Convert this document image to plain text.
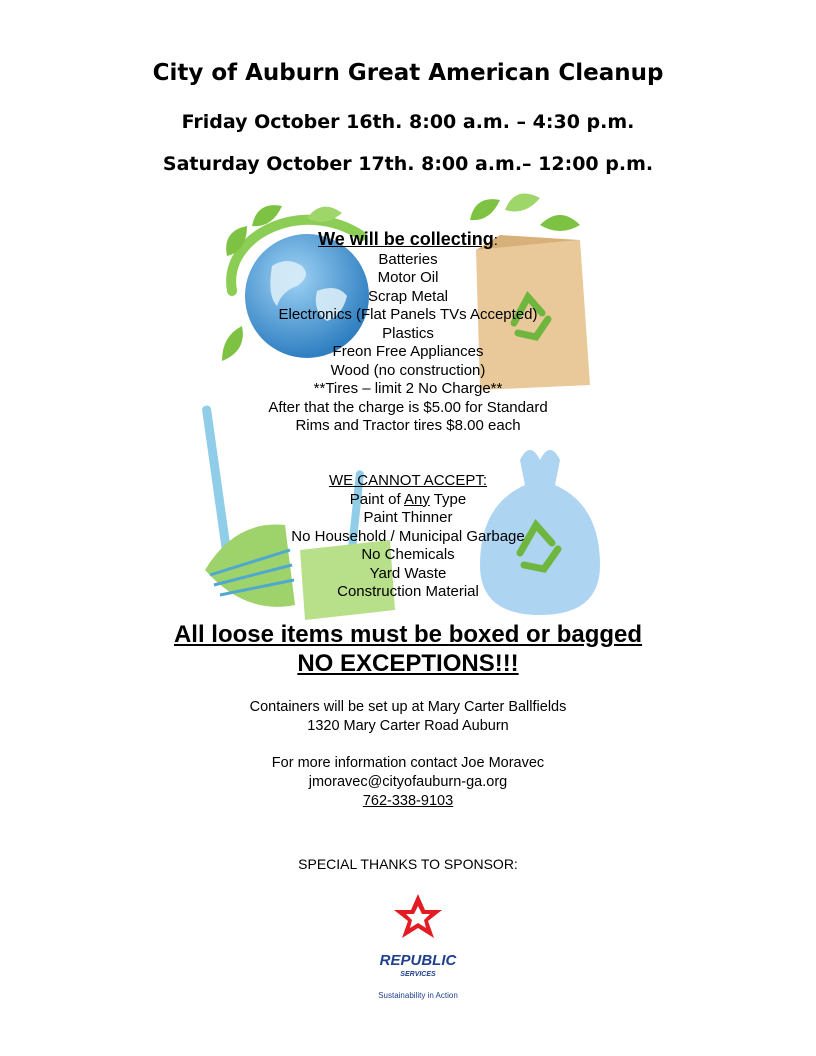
City of Auburn Great American Cleanup
Friday October 16th. 8:00 a.m. – 4:30 p.m.
Saturday October 17th. 8:00 a.m.– 12:00 p.m.
We will be collecting:
Batteries
Motor Oil
Scrap Metal
Electronics (Flat Panels TVs Accepted)
Plastics
Freon Free Appliances
Wood (no construction)
**Tires – limit 2 No Charge**
After that the charge is $5.00 for Standard
Rims and Tractor tires $8.00 each
WE CANNOT ACCEPT:
Paint of Any Type
Paint Thinner
No Household / Municipal Garbage
No Chemicals
Yard Waste
Construction Material
All loose items must be boxed or bagged
NO EXCEPTIONS!!!
Containers will be set up at Mary Carter Ballfields
1320 Mary Carter Road Auburn
For more information contact Joe Moravec
jmoravec@cityofauburn-ga.org
762-338-9103
SPECIAL THANKS TO SPONSOR:
REPUBLIC
SERVICES
Sustainability in Action
